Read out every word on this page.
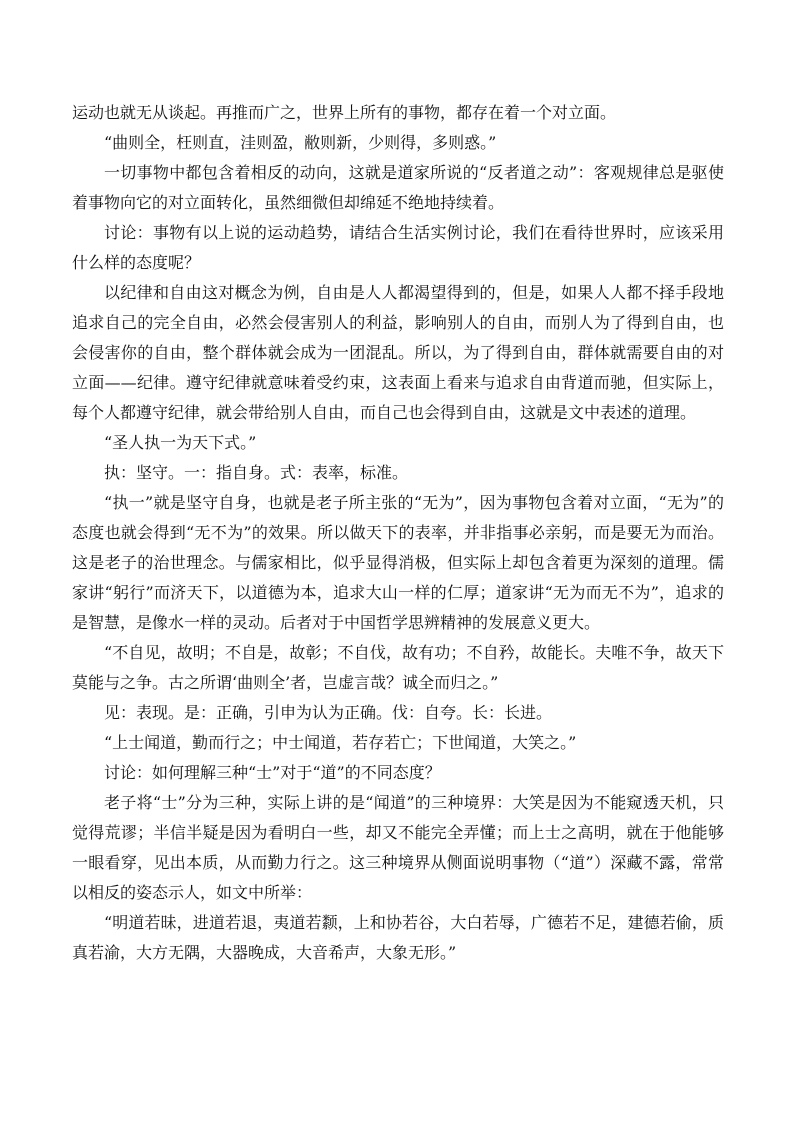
运动也就无从谈起。再推而广之，世界上所有的事物，都存在着一个对立面。

“曲则全，枉则直，洼则盈，敝则新，少则得，多则惑。”

一切事物中都包含着相反的动向，这就是道家所说的“反者道之动”：客观规律总是驱使着事物向它的对立面转化，虽然细微但却绵延不绝地持续着。

讨论：事物有以上说的运动趋势，请结合生活实例讨论，我们在看待世界时，应该采用什么样的态度呢？

以纪律和自由这对概念为例，自由是人人都渴望得到的，但是，如果人人都不择手段地追求自己的完全自由，必然会侵害别人的利益，影响别人的自由，而别人为了得到自由，也会侵害你的自由，整个群体就会成为一团混乱。所以，为了得到自由，群体就需要自由的对立面——纪律。遵守纪律就意味着受约束，这表面上看来与追求自由背道而驰，但实际上，每个人都遵守纪律，就会带给别人自由，而自己也会得到自由，这就是文中表述的道理。

“圣人执一为天下式。”

执：坚守。一：指自身。式：表率，标准。

“执一”就是坚守自身，也就是老子所主张的“无为”，因为事物包含着对立面，“无为”的态度也就会得到“无不为”的效果。所以做天下的表率，并非指事必亲躬，而是要无为而治。这是老子的治世理念。与儒家相比，似乎显得消极，但实际上却包含着更为深刻的道理。儒家讲“躬行”而济天下，以道德为本，追求大山一样的仁厚；道家讲“无为而无不为”，追求的是智慧，是像水一样的灵动。后者对于中国哲学思辨精神的发展意义更大。

“不自见，故明；不自是，故彰；不自伐，故有功；不自矜，故能长。夫唯不争，故天下莫能与之争。古之所谓‘曲则全’者，岂虚言哉？诚全而归之。”

见：表现。是：正确，引申为认为正确。伐：自夸。长：长进。

“上士闻道，勤而行之；中士闻道，若存若亡；下世闻道，大笑之。”

讨论：如何理解三种“士”对于“道”的不同态度？

老子将“士”分为三种，实际上讲的是“闻道”的三种境界：大笑是因为不能窥透天机，只觉得荒谬；半信半疑是因为看明白一些，却又不能完全弄懂；而上士之高明，就在于他能够一眼看穿，见出本质，从而勤力行之。这三种境界从侧面说明事物（“道”）深藏不露，常常以相反的姿态示人，如文中所举：

“明道若昧，进道若退，夷道若颣，上和协若谷，大白若辱，广德若不足，建德若偷，质真若渝，大方无隅，大器晚成，大音希声，大象无形。”
